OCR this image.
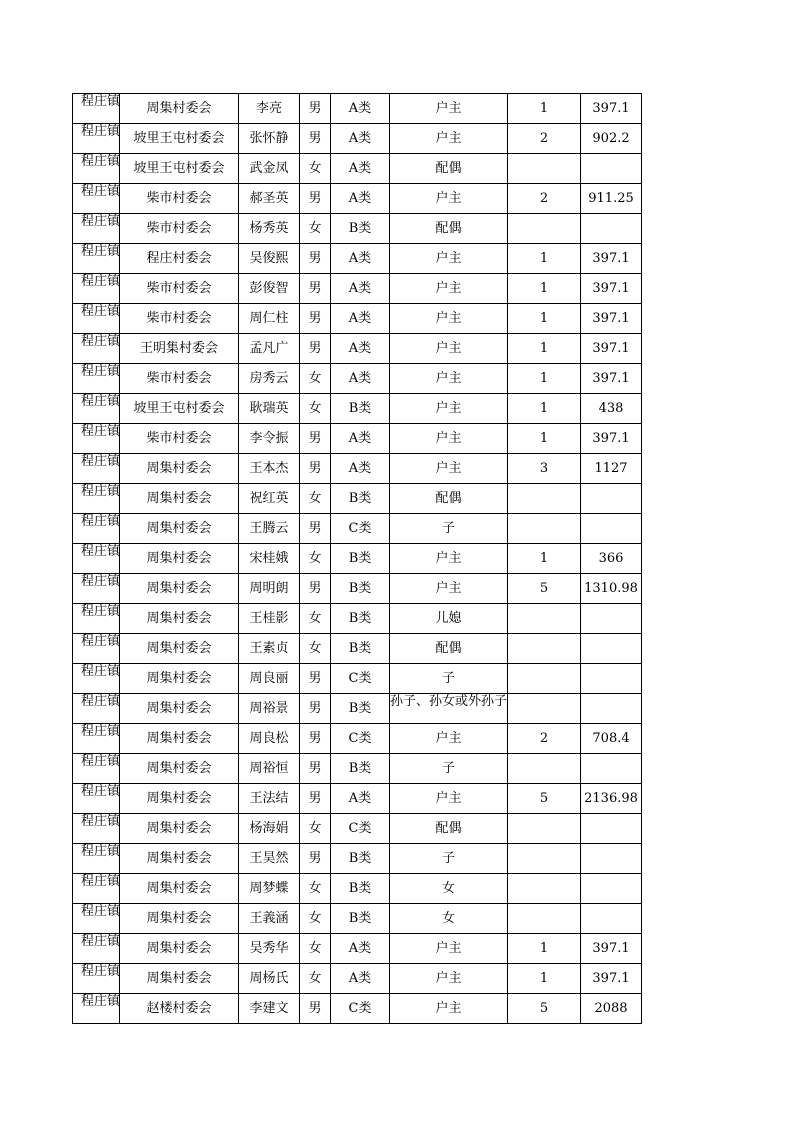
程庄镇	周集村委会	李亮	男	A类	户主	1	397.1

程庄镇	坡里王屯村委会	张怀静	男	A类	户主	2	902.2

程庄镇	坡里王屯村委会	武金凤	女	A类	配偶		

程庄镇	柴市村委会	郝圣英	男	A类	户主	2	911.25

程庄镇	柴市村委会	杨秀英	女	B类	配偶		

程庄镇	程庄村委会	吴俊熙	男	A类	户主	1	397.1

程庄镇	柴市村委会	彭俊智	男	A类	户主	1	397.1

程庄镇	柴市村委会	周仁柱	男	A类	户主	1	397.1

程庄镇	王明集村委会	孟凡广	男	A类	户主	1	397.1

程庄镇	柴市村委会	房秀云	女	A类	户主	1	397.1

程庄镇	坡里王屯村委会	耿瑞英	女	B类	户主	1	438

程庄镇	柴市村委会	李令振	男	A类	户主	1	397.1

程庄镇	周集村委会	王本杰	男	A类	户主	3	1127

程庄镇	周集村委会	祝红英	女	B类	配偶		

程庄镇	周集村委会	王腾云	男	C类	子		

程庄镇	周集村委会	宋桂娥	女	B类	户主	1	366

程庄镇	周集村委会	周明朗	男	B类	户主	5	1310.98

程庄镇	周集村委会	王桂影	女	B类	儿媳		

程庄镇	周集村委会	王素贞	女	B类	配偶		

程庄镇	周集村委会	周良丽	男	C类	子		

程庄镇	周集村委会	周裕景	男	B类	孙子、孙女或外孙子		

程庄镇	周集村委会	周良松	男	C类	户主	2	708.4

程庄镇	周集村委会	周裕恒	男	B类	子		

程庄镇	周集村委会	王法结	男	A类	户主	5	2136.98

程庄镇	周集村委会	杨海娟	女	C类	配偶		

程庄镇	周集村委会	王昊然	男	B类	子		

程庄镇	周集村委会	周梦蝶	女	B类	女		

程庄镇	周集村委会	王義涵	女	B类	女		

程庄镇	周集村委会	吴秀华	女	A类	户主	1	397.1

程庄镇	周集村委会	周杨氏	女	A类	户主	1	397.1

程庄镇	赵楼村委会	李建文	男	C类	户主	5	2088
